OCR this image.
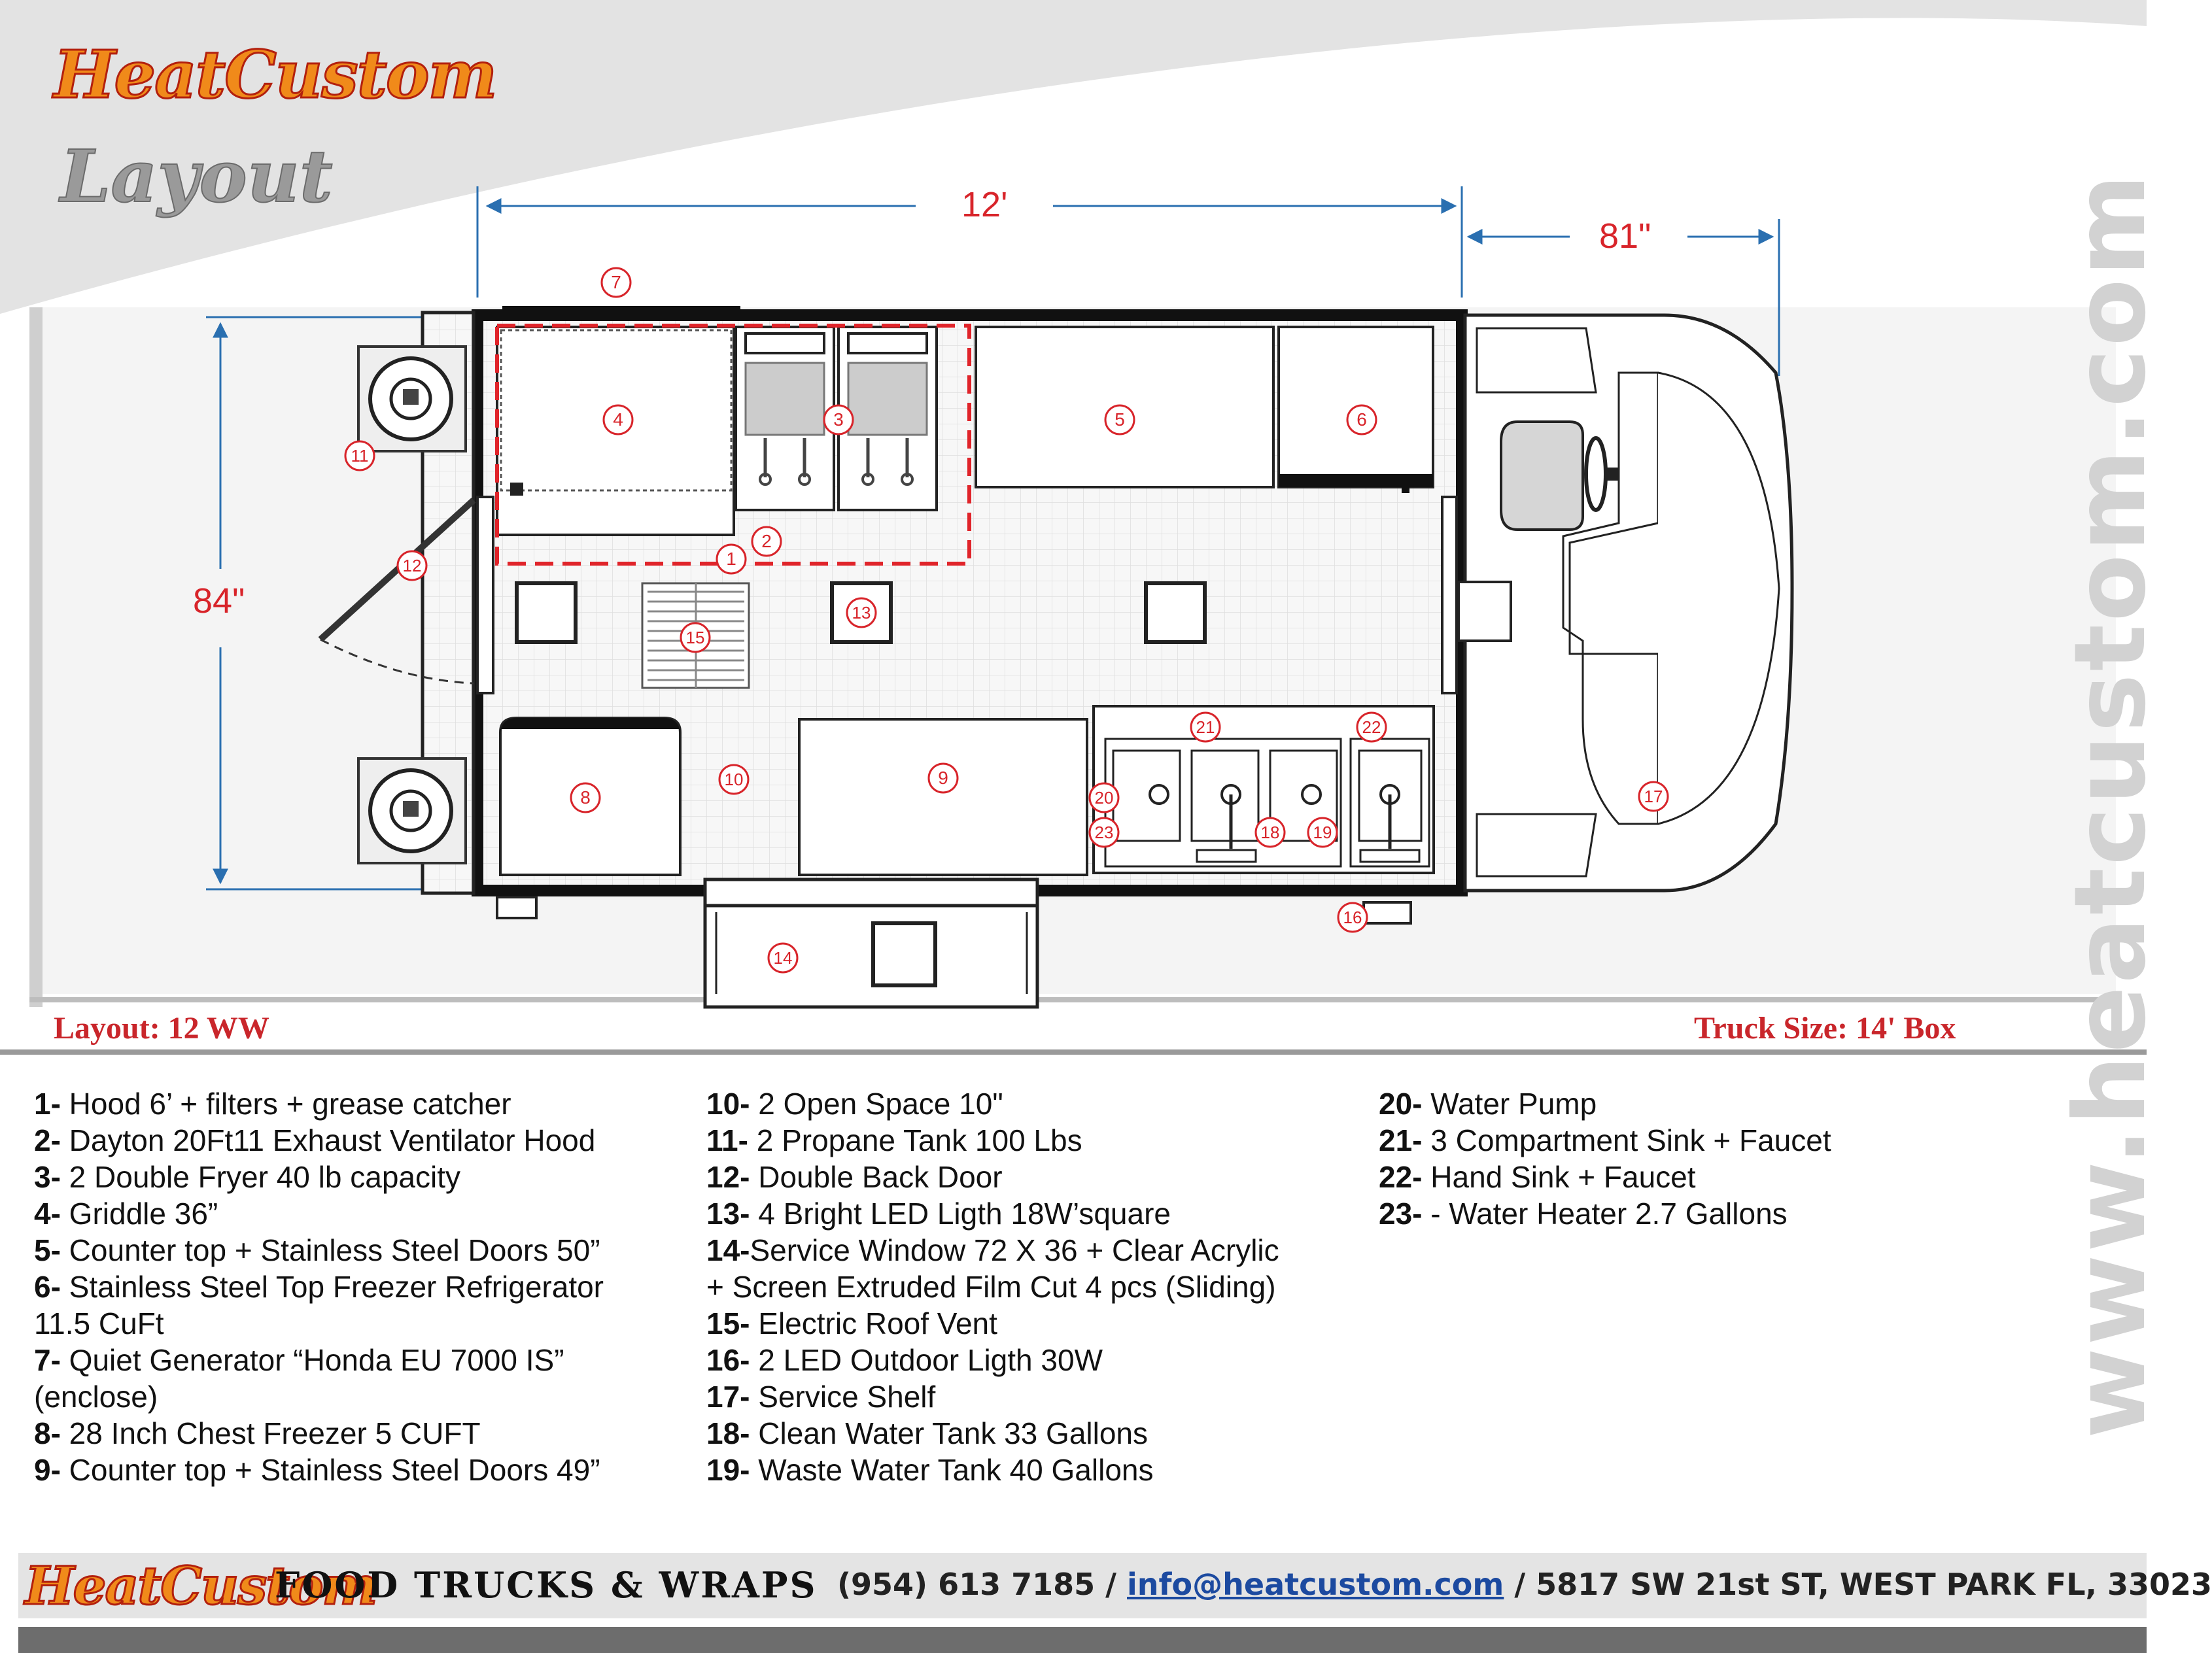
1
2
3
4	5	6
7
8
9
10
11
12
13
14
15
16
17
18 19
20
21	22
23
HeatCustom
Layout	12'
81"
84"	www.heatcustom.com
Layout: 12 WW	Truck Size: 14' Box
1- Hood 6’ + filters + grease catcher
2- Dayton 20Ft11 Exhaust Ventilator Hood
3- 2 Double Fryer 40 lb capacity
4- Griddle 36”
5- Counter top + Stainless Steel Doors 50”
6- Stainless Steel Top Freezer Refrigerator
11.5 CuFt
7- Quiet Generator “Honda EU 7000 IS”
(enclose)
8- 28 Inch Chest Freezer 5 CUFT
9- Counter top + Stainless Steel Doors 49”
10- 2 Open Space 10"
11- 2 Propane Tank 100 Lbs
12- Double Back Door
13- 4 Bright LED Ligth 18W’square
14-Service Window 72 X 36 + Clear Acrylic
+ Screen Extruded Film Cut 4 pcs (Sliding)
15- Electric Roof Vent
16- 2 LED Outdoor Ligth 30W
17- Service Shelf
18- Clean Water Tank 33 Gallons
19- Waste Water Tank 40 Gallons
20- Water Pump
21- 3 Compartment Sink + Faucet
22- Hand Sink + Faucet
23- - Water Heater 2.7 Gallons
HeatCustom
FOOD TRUCKS & WRAPS (954) 613 7185 / info@heatcustom.com / 5817 SW 21st ST, WEST PARK FL, 33023
